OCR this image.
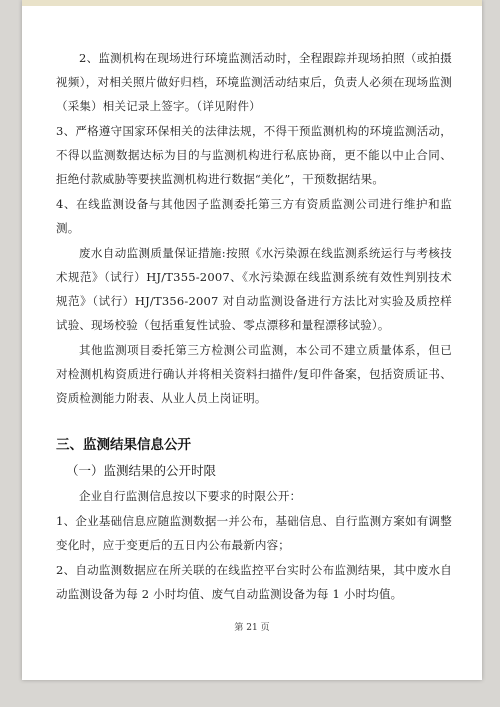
2、监测机构在现场进行环境监测活动时，全程跟踪并现场拍照（或拍摄视频），对相关照片做好归档，环境监测活动结束后，负责人必须在现场监测（采集）相关记录上签字。（详见附件）

3、严格遵守国家环保相关的法律法规，不得干预监测机构的环境监测活动，不得以监测数据达标为目的与监测机构进行私底协商，更不能以中止合同、拒绝付款威胁等要挟监测机构进行数据“美化”，干预数据结果。

4、在线监测设备与其他因子监测委托第三方有资质监测公司进行维护和监测。

废水自动监测质量保证措施:按照《水污染源在线监测系统运行与考核技术规范》（试行）HJ/T355-2007、《水污染源在线监测系统有效性判别技术规范》（试行）HJ/T356-2007 对自动监测设备进行方法比对实验及质控样试验、现场校验（包括重复性试验、零点漂移和量程漂移试验）。

其他监测项目委托第三方检测公司监测，本公司不建立质量体系，但已对检测机构资质进行确认并将相关资料扫描件/复印件备案，包括资质证书、资质检测能力附表、从业人员上岗证明。

三、监测结果信息公开
（一）监测结果的公开时限

企业自行监测信息按以下要求的时限公开：

1、企业基础信息应随监测数据一并公布，基础信息、自行监测方案如有调整变化时，应于变更后的五日内公布最新内容；

2、自动监测数据应在所关联的在线监控平台实时公布监测结果，其中废水自动监测设备为每 2 小时均值、废气自动监测设备为每 1 小时均值。

第 21 页
